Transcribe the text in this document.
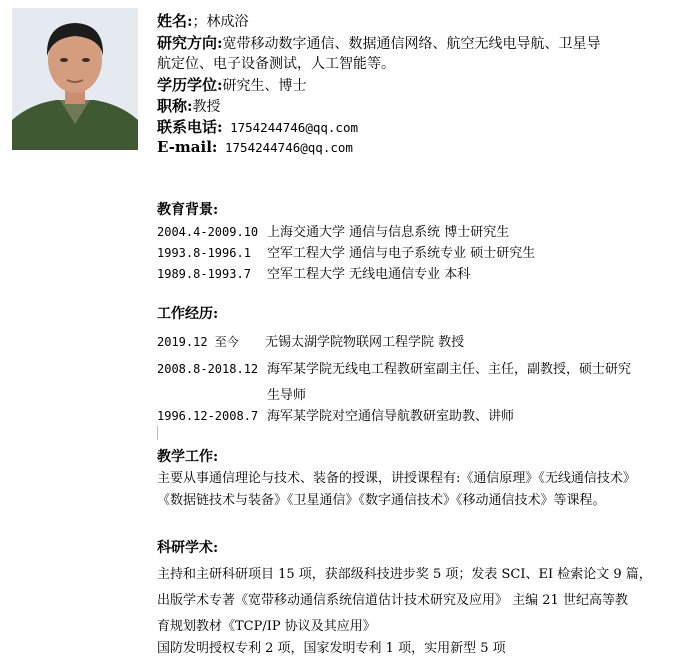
姓名:；林成浴
研究方向:宽带移动数字通信、数据通信网络、航空无线电导航、卫星导
航定位、电子设备测试，人工智能等。
学历学位:研究生、博士
职称:教授
联系电话: 1754244746@qq.com
E-mail: 1754244746@qq.com
教育背景:
2004.4-2009.10 上海交通大学 通信与信息系统 博士研究生
1993.8-1996.1 空军工程大学 通信与电子系统专业 硕士研究生
1989.8-1993.7 空军工程大学 无线电通信专业 本科
工作经历:
2019.12 至今 无锡太湖学院物联网工程学院 教授
2008.8-2018.12 海军某学院无线电工程教研室副主任、主任，副教授，硕士研究
生导师
1996.12-2008.7 海军某学院对空通信导航教研室助教、讲师
教学工作:
主要从事通信理论与技术、装备的授课，讲授课程有:《通信原理》《无线通信技术》
《数据链技术与装备》《卫星通信》《数字通信技术》《移动通信技术》等课程。
科研学术:
主持和主研科研项目 15 项，获部级科技进步奖 5 项；发表 SCI、EI 检索论文 9 篇，
出版学术专著《宽带移动通信系统信道估计技术研究及应用》 主编 21 世纪高等教
育规划教材《TCP/IP 协议及其应用》
国防发明授权专利 2 项，国家发明专利 1 项，实用新型 5 项
